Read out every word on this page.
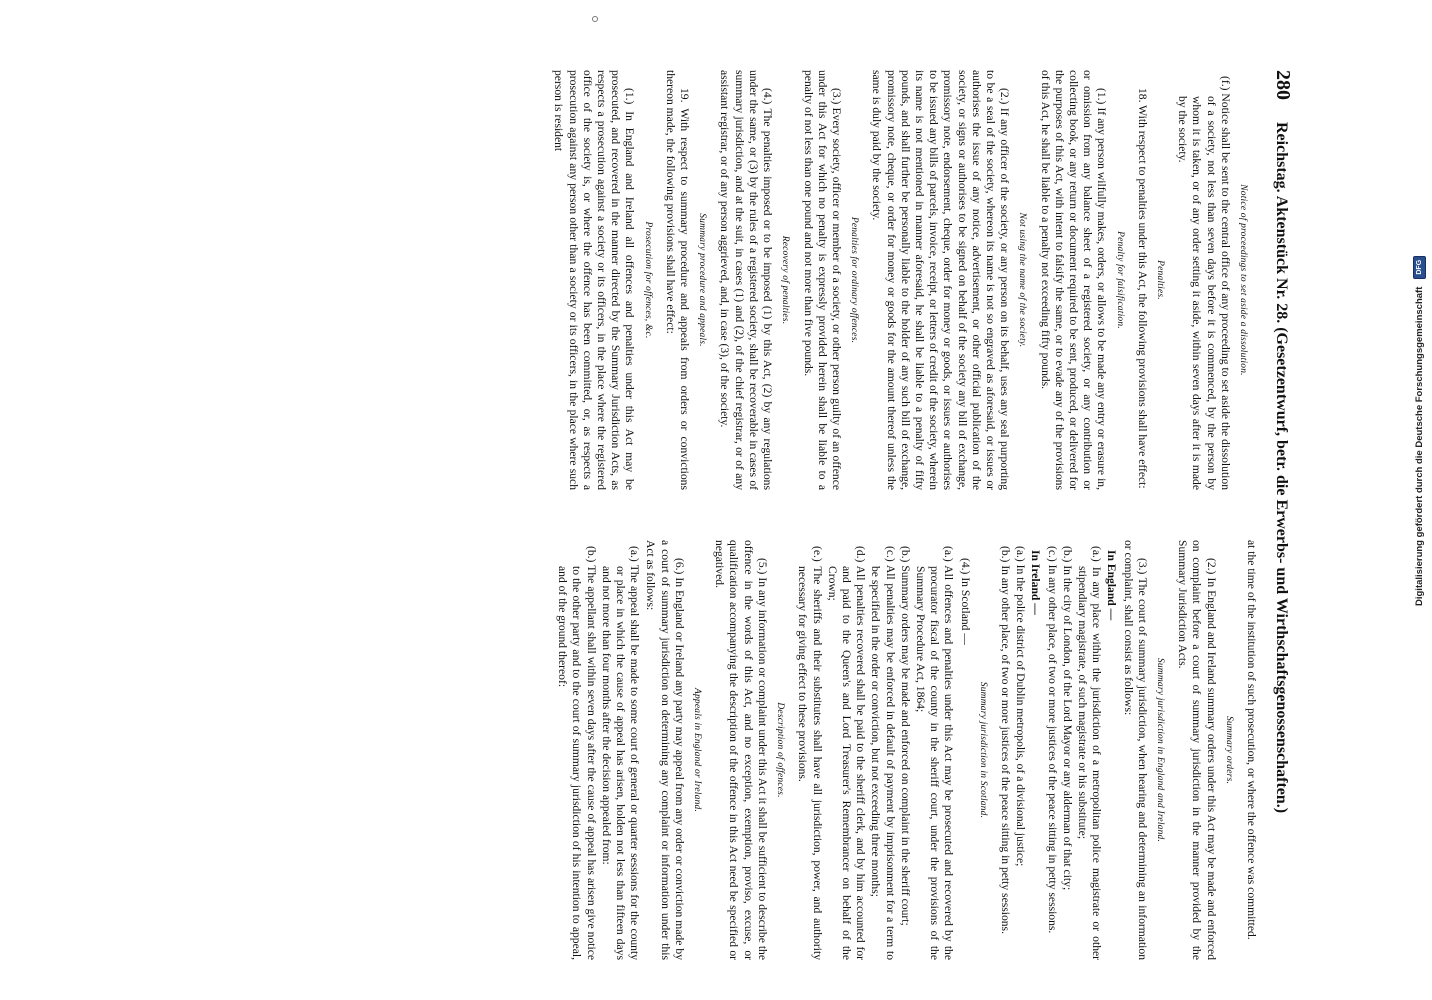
280 Reichstag. Aktenstück Nr. 28. (Gesetzentwurf, betr. die Erwerbs- und Wirthschaftsgenossenschaften.)
Notice of proceedings to set aside a dissolution.
(f.) Notice shall be sent to the central office of any proceeding to set aside the dissolution of a society, not less than seven days before it is commenced, by the person by whom it is taken, or of any order setting it aside, within seven days after it is made by the society.
Penalties.
18. With respect to penalties under this Act, the following provisions shall have effect:
Penalty for falsification.
(1.) If any person wilfully makes, orders, or allows to be made any entry or erasure in, or omission from any balance sheet of a registered society, or any contribution or collecting book, or any return or document required to be sent, produced, or delivered for the purposes of this Act, with intent to falsify the same, or to evade any of the provisions of this Act, he shall be liable to a penalty not exceeding fifty pounds.
Not using the name of the society.
(2.) If any officer of the society, or any person on its behalf, uses any seal purporting to be a seal of the society, whereon its name is not so engraved as aforesaid, or issues or authorises the issue of any notice, advertisement, or other official publication of the society, or signs or authorises to be signed on behalf of the society any bill of exchange, promissory note, endorsement, cheque, order for money or goods, or issues or authorises to be issued any bills of parcels, invoice, receipt, or letters of credit of the society, wherein its name is not mentioned in manner aforesaid, he shall be liable to a penalty of fifty pounds, and shall further be personally liable to the holder of any such bill of exchange, promissory note, cheque, or order for money or goods for the amount thereof unless the same is duly paid by the society.
Penalties for ordinary offences.
(3.) Every society, officer or member of a society, or other person guilty of an offence under this Act for which no penalty is expressly provided herein shall be liable to a penalty of not less than one pound and not more than five pounds.
Recovery of penalties.
(4.) The penalties imposed or to be imposed (1) by this Act, (2) by any regulations under the same, or (3) by the rules of a registered society, shall be recoverable in cases of summary jurisdiction, and at the suit, in cases (1) and (2), of the chief registrar, or of any assistant registrar, or of any person aggrieved, and, in case (3), of the society.
Summary procedure and appeals.
19. With respect to summary procedure and appeals from orders or convictions thereon made, the following provisions shall have effect:
Prosecution for offences, &c.
(1.) In England and Ireland all offences and penalties under this Act may be prosecuted, and recovered in the manner directed by the Summary Jurisdiction Acts, as respects a prosecution against a society or its officers, in the place where the registered office of the society is, or where the offence has been committed, or, as respects a prosecution against any person other than a society or its officers, in the place where such person is resident
at the time of the institution of such prosecution, or where the offence was committed.
Summary orders.
(2.) In England and Ireland summary orders under this Act may be made and enforced on complaint before a court of summary jurisdiction in the manner provided by the Summary Jurisdiction Acts.
Summary jurisdiction in England and Ireland.
(3.) The court of summary jurisdiction, when hearing and determining an information or complaint, shall consist as follows:
In England —
(a.) In any place within the jurisdiction of a metropolitan police magistrate or other stipendiary magistrate, of such magistrate or his substitute;
(b.) In the city of London, of the Lord Mayor or any alderman of that city;
(c.) In any other place, of two or more justices of the peace sitting in petty sessions.
In Ireland —
(a.) In the police district of Dublin metropolis, of a divisional justice;
(b.) In any other place, of two or more justices of the peace sitting in petty sessions.
Summary jurisdiction in Scotland.
(4.) In Scotland —
(a.) All offences and penalties under this Act may be prosecuted and recovered by the procurator fiscal of the county in the sheriff court, under the provisions of the Summary Procedure Act, 1864;
(b.) Summary orders may be made and enforced on complaint in the sheriff court;
(c.) All penalties may be enforced in default of payment by imprisonment for a term to be specified in the order or conviction, but not exceeding three months;
(d.) All penalties recovered shall be paid to the sheriff clerk, and by him accounted for and paid to the Queen's and Lord Treasurer's Remembrancer on behalf of the Crown;
(e.) The sheriffs and their substitutes shall have all jurisdiction, power, and authority necessary for giving effect to these provisions.
Description of offences.
(5.) In any information or complaint under this Act it shall be sufficient to describe the offence in the words of this Act, and no exception, exemption, proviso, excuse, or qualification accompanying the description of the offence in this Act need be specified or negatived.
Appeals in England or Ireland.
(6.) In England or Ireland any party may appeal from any order or conviction made by a court of summary jurisdiction on determining any complaint or information under this Act as follows:
(a.) The appeal shall be made to some court of general or quarter sessions for the county or place in which the cause of appeal has arisen, holden not less than fifteen days and not more than four months after the decision appealed from:
(b.) The appellant shall within seven days after the cause of appeal has arisen give notice to the other party and to the court of summary jurisdiction of his intention to appeal, and of the ground thereof:
Digitalisierung gefördert durch die Deutsche Forschungsgemeinschaft
DFG
